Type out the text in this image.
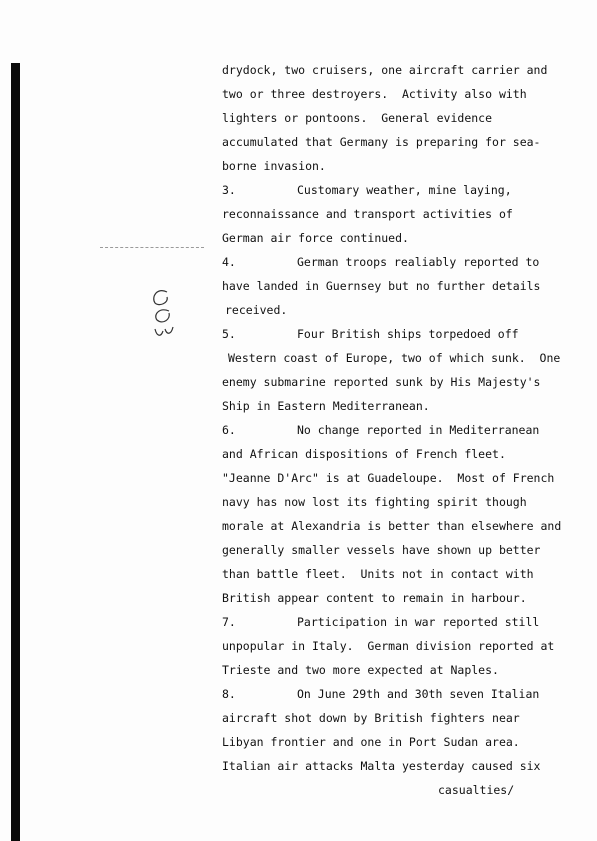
drydock, two cruisers, one aircraft carrier and
two or three destroyers.  Activity also with
lighters or pontoons.  General evidence
accumulated that Germany is preparing for sea-
borne invasion.
3.	Customary weather, mine laying,
reconnaissance and transport activities of
German air force continued.
4.	German troops realiably reported to
have landed in Guernsey but no further details
received.
5.	Four British ships torpedoed off
Western coast of Europe, two of which sunk.  One
enemy submarine reported sunk by His Majesty's
Ship in Eastern Mediterranean.
6.	No change reported in Mediterranean
and African dispositions of French fleet.
"Jeanne D'Arc" is at Guadeloupe.  Most of French
navy has now lost its fighting spirit though
morale at Alexandria is better than elsewhere and
generally smaller vessels have shown up better
than battle fleet.  Units not in contact with
British appear content to remain in harbour.
7.	Participation in war reported still
unpopular in Italy.  German division reported at
Trieste and two more expected at Naples.
8.	On June 29th and 30th seven Italian
aircraft shot down by British fighters near
Libyan frontier and one in Port Sudan area.
Italian air attacks Malta yesterday caused six
casualties/
